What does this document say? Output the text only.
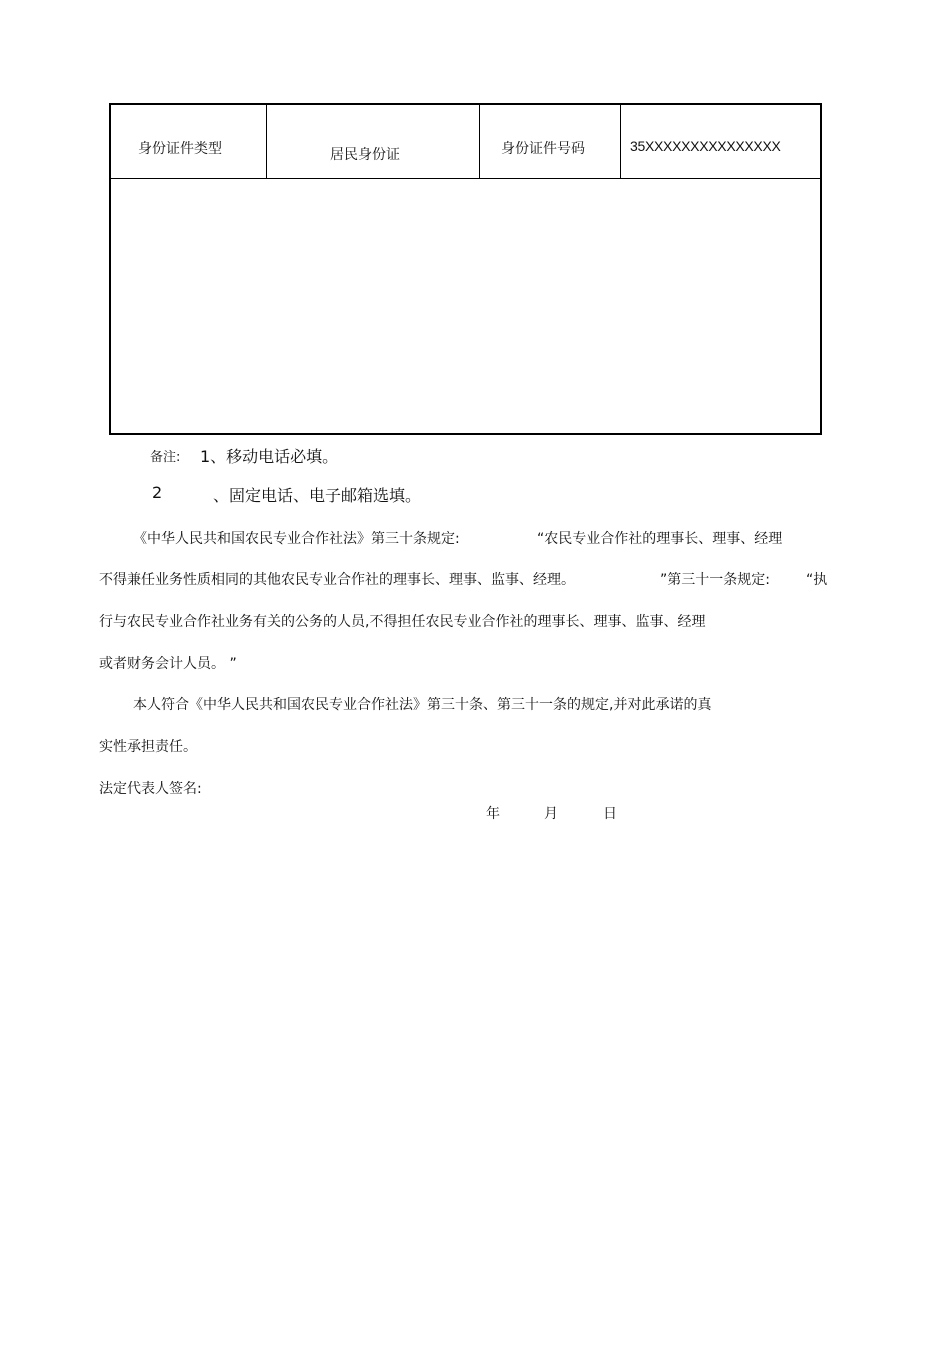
身份证件类型	居民身份证	身份证件号码	35XXXXXXXXXXXXXXX
备注: 1、移动电话必填。
2	、固定电话、电子邮箱选填。
《中华人民共和国农民专业合作社法》第三十条规定:	“农民专业合作社的理事长、理事、经理
不得兼任业务性质相同的其他农民专业合作社的理事长、理事、监事、经理。	”第三十一条规定:	“执
行与农民专业合作社业务有关的公务的人员,不得担任农民专业合作社的理事长、理事、监事、经理
或者财务会计人员。 ”
本人符合《中华人民共和国农民专业合作社法》第三十条、第三十一条的规定,并对此承诺的真
实性承担责任。
法定代表人签名:
年	月	日
